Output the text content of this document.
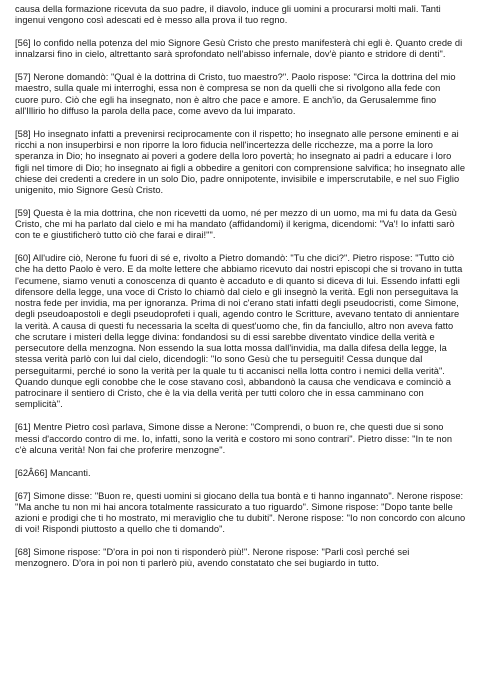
causa della formazione ricevuta da suo padre, il diavolo, induce gli uomini a procurarsi molti mali. Tanti ingenui vengono così adescati ed è messo alla prova il tuo regno.

[56] Io confido nella potenza del mio Signore Gesù Cristo che presto manifesterà chi egli è. Quanto crede di innalzarsi fino in cielo, altrettanto sarà sprofondato nell'abisso infernale, dov'è pianto e stridore di denti".

[57] Nerone domandò: "Qual è la dottrina di Cristo, tuo maestro?". Paolo rispose: "Circa la dottrina del mio maestro, sulla quale mi interroghi, essa non è compresa se non da quelli che si rivolgono alla fede con cuore puro. Ciò che egli ha insegnato, non è altro che pace e amore. E anch'io, da Gerusalemme fino all'Illirio ho diffuso la parola della pace, come avevo da lui imparato.

[58] Ho insegnato infatti a prevenirsi reciprocamente con il rispetto; ho insegnato alle persone eminenti e ai ricchi a non insuperbirsi e non riporre la loro fiducia nell'incertezza delle ricchezze, ma a porre la loro speranza in Dio; ho insegnato ai poveri a godere della loro povertà; ho insegnato ai padri a educare i loro figli nel timore di Dio; ho insegnato ai figli a obbedire a genitori con comprensione salvifica; ho insegnato alle chiese dei credenti a credere in un solo Dio, padre onnipotente, invisibile e imperscrutabile, e nel suo Figlio unigenito, mio Signore Gesù Cristo.

[59] Questa è la mia dottrina, che non ricevetti da uomo, né per mezzo di un uomo, ma mi fu data da Gesù Cristo, che mi ha parlato dal cielo e mi ha mandato (affidandomi) il kerigma, dicendomi: "Va'! Io infatti sarò con te e giustificherò tutto ciò che farai e dirai!"".

[60] All'udire ciò, Nerone fu fuori di sé e, rivolto a Pietro domandò: "Tu che dici?". Pietro rispose: "Tutto ciò che ha detto Paolo è vero. E da molte lettere che abbiamo ricevuto dai nostri episcopi che si trovano in tutta l'ecumene, siamo venuti a conoscenza di quanto è accaduto e di quanto si diceva di lui. Essendo infatti egli difensore della legge, una voce di Cristo lo chiamò dal cielo e gli insegnò la verità. Egli non perseguitava la nostra fede per invidia, ma per ignoranza. Prima di noi c'erano stati infatti degli pseudocristi, come Simone, degli pseudoapostoli e degli pseudoprofeti i quali, agendo contro le Scritture, avevano tentato di annientare la verità. A causa di questi fu necessaria la scelta di quest'uomo che, fin da fanciullo, altro non aveva fatto che scrutare i misteri della legge divina: fondandosi su di essi sarebbe diventato vindice della verità e persecutore della menzogna. Non essendo la sua lotta mossa dall'invidia, ma dalla difesa della legge, la stessa verità parlò con lui dal cielo, dicendogli: "Io sono Gesù che tu perseguiti! Cessa dunque dal perseguitarmi, perché io sono la verità per la quale tu ti accanisci nella lotta contro i nemici della verità". Quando dunque egli conobbe che le cose stavano così, abbandonò la causa che vendicava e cominciò a patrocinare il sentiero di Cristo, che è la via della verità per tutti coloro che in essa camminano con semplicità".

[61] Mentre Pietro così parlava, Simone disse a Nerone: "Comprendi, o buon re, che questi due si sono messi d'accordo contro di me. Io, infatti, sono la verità e costoro mi sono contrari". Pietro disse: "In te non c'è alcuna verità! Non fai che proferire menzogne".

[62Â66] Mancanti.

[67] Simone disse: "Buon re, questi uomini si giocano della tua bontà e ti hanno ingannato". Nerone rispose: "Ma anche tu non mi hai ancora totalmente rassicurato a tuo riguardo". Simone rispose: "Dopo tante belle azioni e prodigi che ti ho mostrato, mi meraviglio che tu dubiti". Nerone rispose: "Io non concordo con alcuno di voi! Rispondi piuttosto a quello che ti domando".

[68] Simone rispose: "D'ora in poi non ti risponderò più!". Nerone rispose: "Parli così perché sei menzognero. D'ora in poi non ti parlerò più, avendo constatato che sei bugiardo in tutto.
